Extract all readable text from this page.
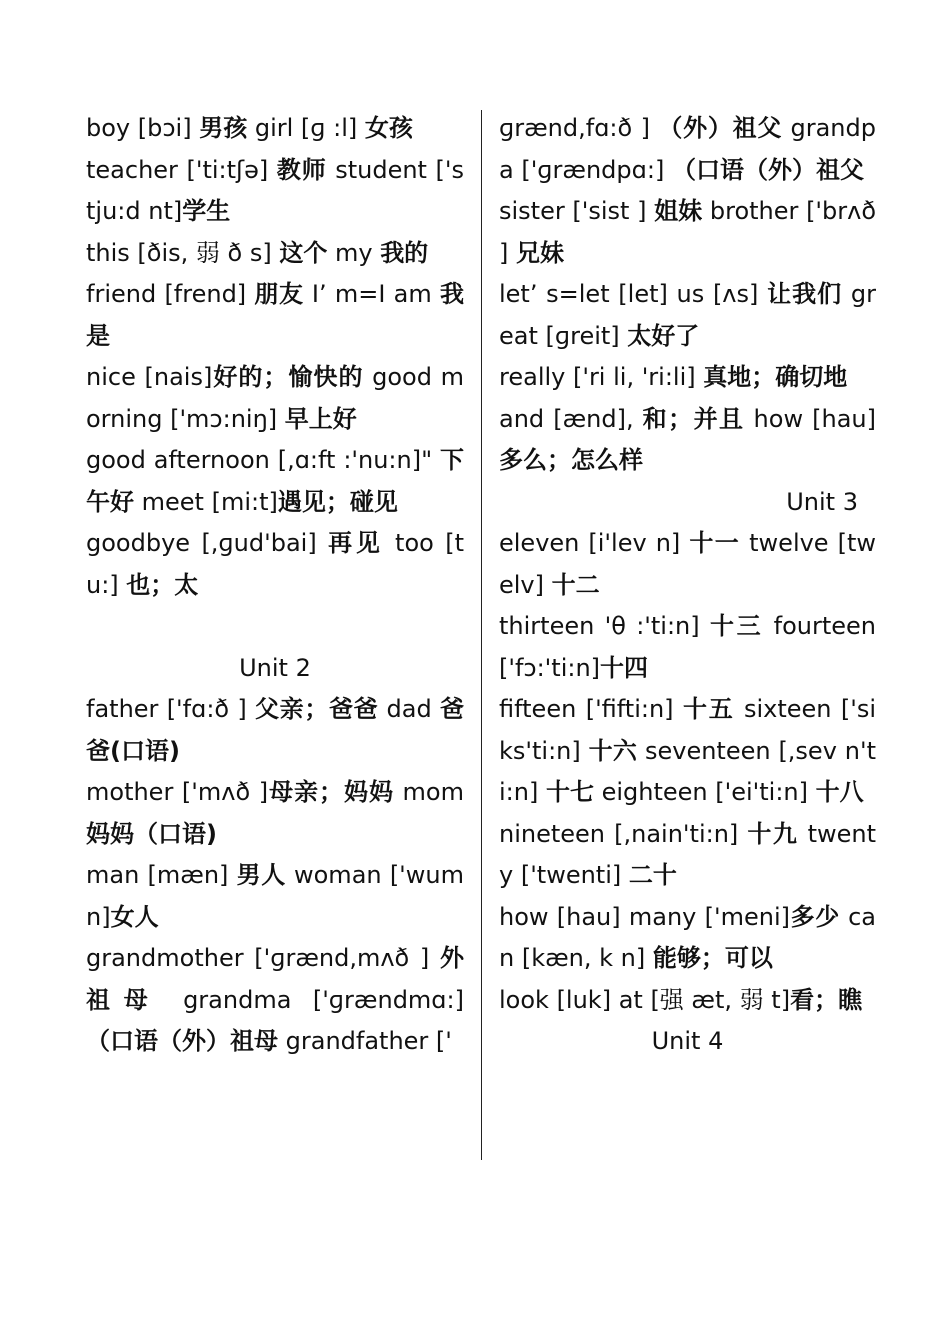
boy [bɔi] 男孩 girl [ɡ :l] 女孩
teacher ['ti:tʃə] 教师 student ['stju:d nt]学生
this [ðis, 弱 ð s] 这个 my 我的
friend [frend] 朋友 I’ m=I am 我是
nice [nais]好的；愉快的 good morning ['mɔ:niŋ] 早上好
good afternoon [,ɑ:ft :'nu:n]" 下午好 meet [mi:t]遇见；碰见
goodbye [,ɡud'bai] 再见 too [tu:] 也；太
Unit 2
father ['fɑ:ð ] 父亲；爸爸 dad 爸爸(口语)
mother ['mʌð ]母亲；妈妈 mom 妈妈（口语)
man [mæn] 男人 woman ['wum n]女人
grandmother ['ɡrænd,mʌð ] 外祖母 grandma ['ɡrændmɑ:] （口语（外）祖母 grandfather ['
ɡrænd,fɑ:ð ] （外）祖父 grandpa ['ɡrændpɑ:] （口语（外）祖父
sister ['sist ] 姐妹 brother ['brʌð ] 兄妹
let’ s=let [let] us [ʌs] 让我们 great [ɡreit] 太好了
really ['ri li, 'ri:li] 真地；确切地
and [ænd], 和；并且 how [hau] 多么；怎么样
Unit 3
eleven [i'lev n] 十一 twelve [twelv] 十二
thirteen 'θ :'ti:n] 十三 fourteen ['fɔ:'ti:n]十四
fifteen ['fifti:n] 十五 sixteen ['siks'ti:n] 十六 seventeen [,sev n'ti:n] 十七 eighteen ['ei'ti:n] 十八
nineteen [,nain'ti:n] 十九 twenty ['twenti] 二十
how [hau] many ['meni]多少 can [kæn, k n] 能够；可以
look [luk] at [强 æt, 弱 t]看；瞧
Unit 4
